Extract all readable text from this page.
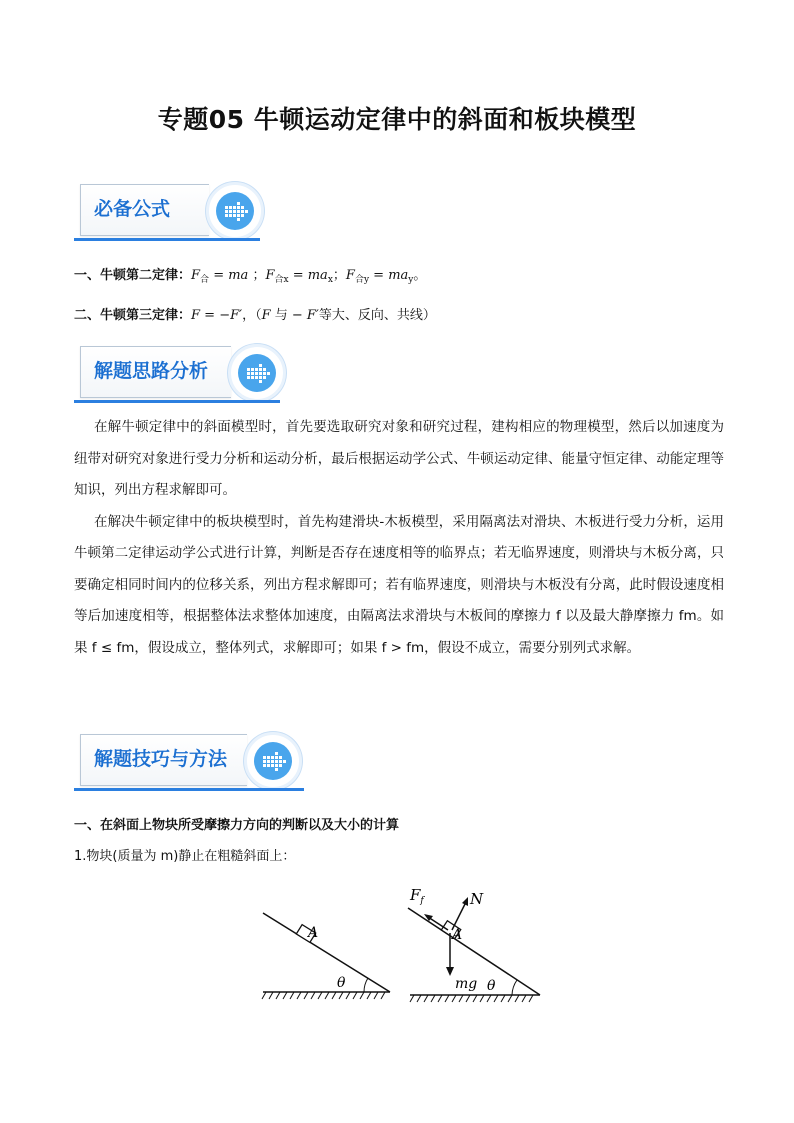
专题05 牛顿运动定律中的斜面和板块模型
必备公式
一、牛顿第二定律：$F_合$ = ma ；$F_{合x} = ma_x$；$F_{合y} = ma_y$。
二、牛顿第三定律：F = −F′，（F 与 − F′等大、反向、共线）
解题思路分析

在解牛顿定律中的斜面模型时，首先要选取研究对象和研究过程，建构相应的物理模型，然后以加速度为纽带对研究对象进行受力分析和运动分析，最后根据运动学公式、牛顿运动定律、能量守恒定律、动能定理等知识，列出方程求解即可。

在解决牛顿定律中的板块模型时，首先构建滑块-木板模型，采用隔离法对滑块、木板进行受力分析，运用牛顿第二定律运动学公式进行计算，判断是否存在速度相等的临界点；若无临界速度，则滑块与木板分离，只要确定相同时间内的位移关系，列出方程求解即可；若有临界速度，则滑块与木板没有分离，此时假设速度相等后加速度相等，根据整体法求整体加速度，由隔离法求滑块与木板间的摩擦力 f 以及最大静摩擦力 fm。如果 f ≤ fm，假设成立，整体列式，求解即可；如果 f > fm，假设不成立，需要分别列式求解。

解题技巧与方法
一、在斜面上物块所受摩擦力方向的判断以及大小的计算
1.物块(质量为 m)静止在粗糙斜面上：
A
θ
$F_f$	N
A
mg θ
